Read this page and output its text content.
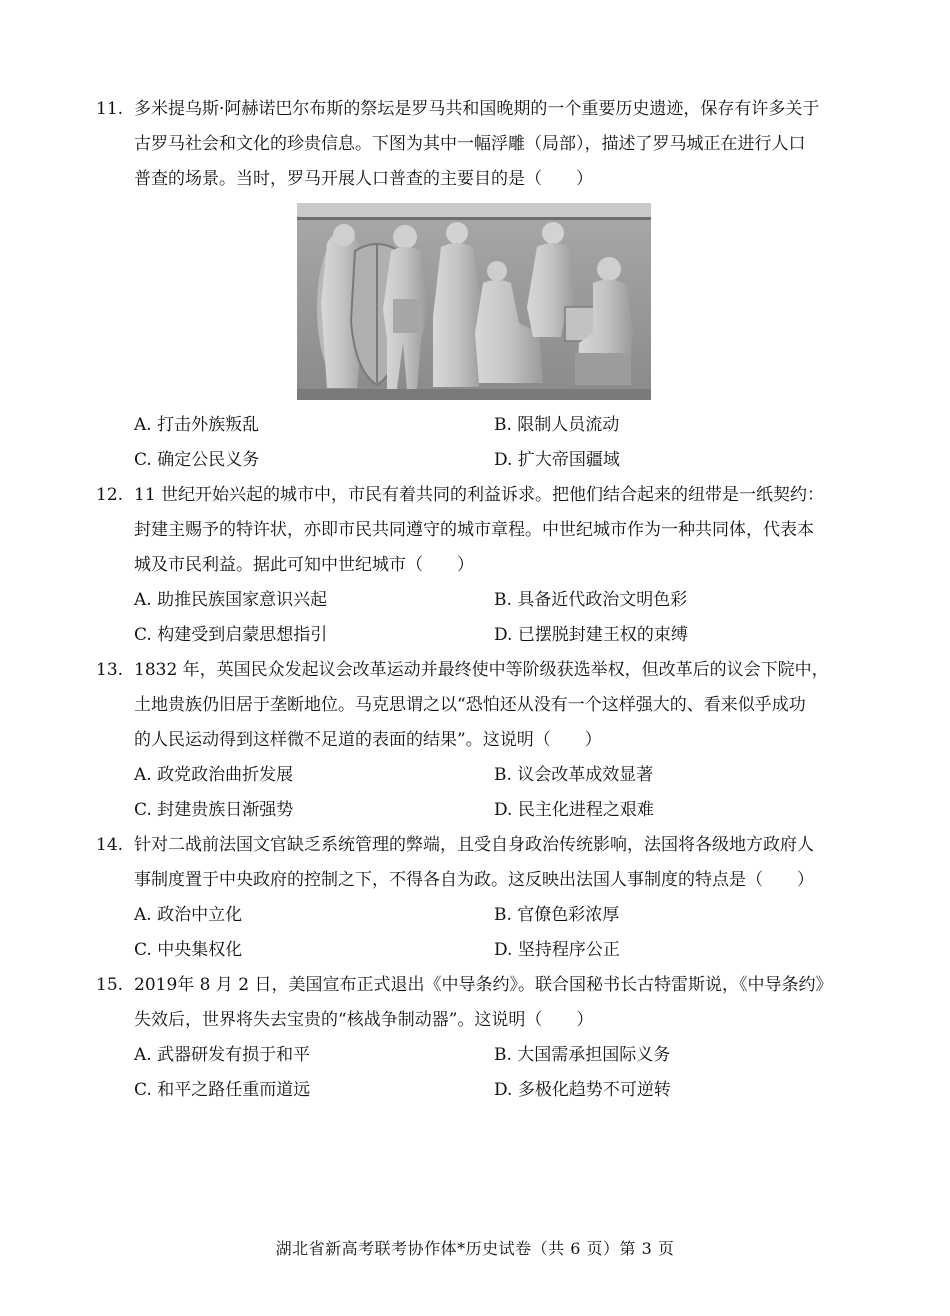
11. 多米提乌斯·阿赫诺巴尔布斯的祭坛是罗马共和国晚期的一个重要历史遗迹，保存有许多关于
古罗马社会和文化的珍贵信息。下图为其中一幅浮雕（局部），描述了罗马城正在进行人口
普查的场景。当时，罗马开展人口普查的主要目的是（　　）
A. 打击外族叛乱	B. 限制人员流动
C. 确定公民义务	D. 扩大帝国疆域
12. 11 世纪开始兴起的城市中，市民有着共同的利益诉求。把他们结合起来的纽带是一纸契约：
封建主赐予的特许状，亦即市民共同遵守的城市章程。中世纪城市作为一种共同体，代表本
城及市民利益。据此可知中世纪城市（　　）
A. 助推民族国家意识兴起	B. 具备近代政治文明色彩
C. 构建受到启蒙思想指引	D. 已摆脱封建王权的束缚
13. 1832 年，英国民众发起议会改革运动并最终使中等阶级获选举权，但改革后的议会下院中，
土地贵族仍旧居于垄断地位。马克思谓之以“恐怕还从没有一个这样强大的、看来似乎成功
的人民运动得到这样微不足道的表面的结果”。这说明（　　）
A. 政党政治曲折发展	B. 议会改革成效显著
C. 封建贵族日渐强势	D. 民主化进程之艰难
14. 针对二战前法国文官缺乏系统管理的弊端，且受自身政治传统影响，法国将各级地方政府人
事制度置于中央政府的控制之下，不得各自为政。这反映出法国人事制度的特点是（　　）
A. 政治中立化	B. 官僚色彩浓厚
C. 中央集权化	D. 坚持程序公正
15. 2019年 8 月 2 日，美国宣布正式退出《中导条约》。联合国秘书长古特雷斯说，《中导条约》
失效后，世界将失去宝贵的“核战争制动器”。这说明（　　）
A. 武器研发有损于和平	B. 大国需承担国际义务
C. 和平之路任重而道远	D. 多极化趋势不可逆转
湖北省新高考联考协作体*历史试卷（共 6 页）第 3 页
